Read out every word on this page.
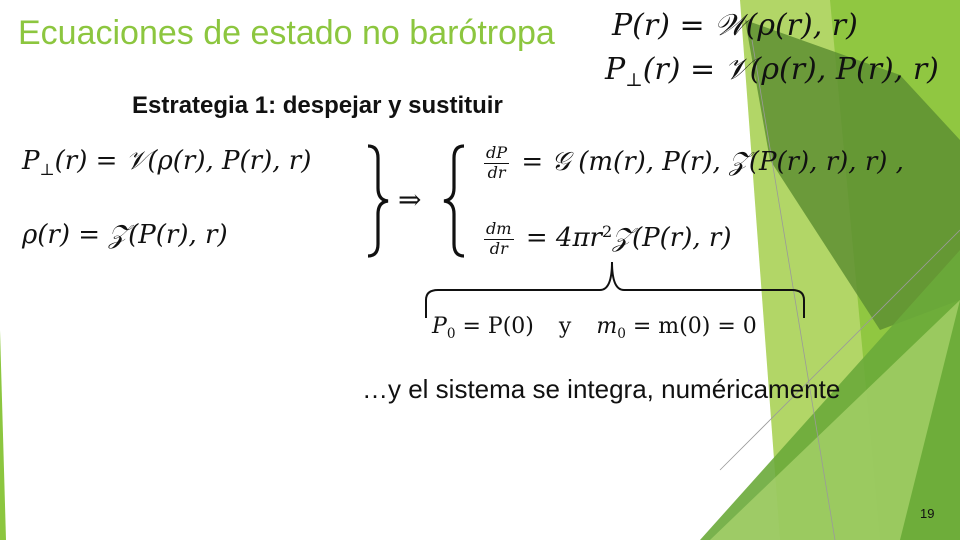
Ecuaciones de estado no barótropa P(r) = 𝒲(ρ(r), r)
$P_\perp(r)$ = 𝒱(ρ(r), P(r), r)
Estrategia 1: despejar y sustituir
$P_\perp(r)$ = 𝒱(ρ(r), P(r), r)
ρ(r) = 𝒵(P(r), r)
⇒
$\frac{dP}{dr}$ = 𝒢 (m(r), P(r), 𝒵(P(r), r), r) ,
$\frac{dm}{dr}$ = $4\pi r^2𝒵(P(r)$, r)
$P_0 = P(0)$ y $m_0 = m(0) = 0$
…y el sistema se integra, numéricamente
19
